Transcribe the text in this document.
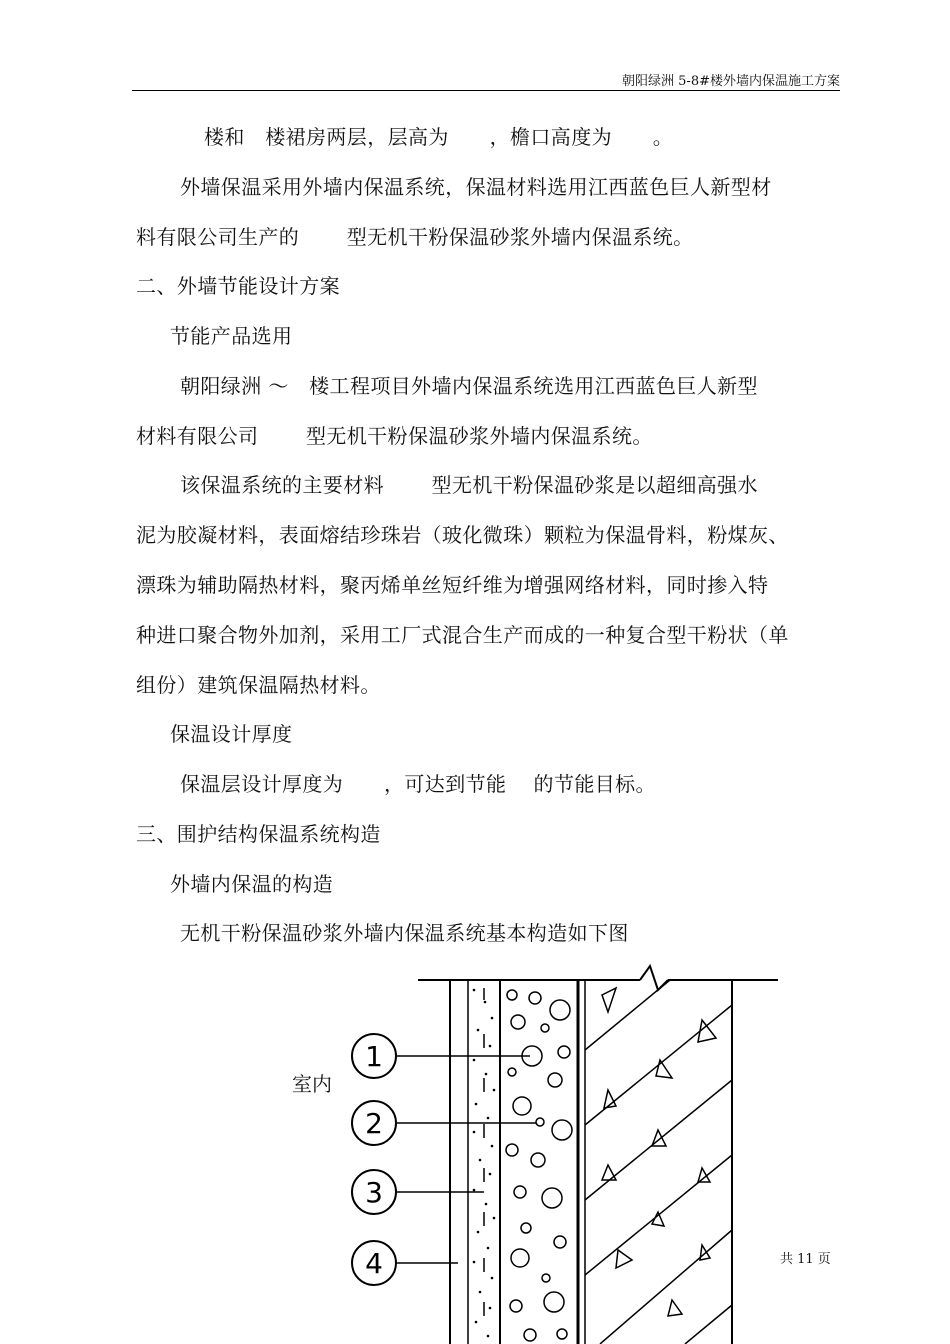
朝阳绿洲 5-8#楼外墙内保温施工方案
楼和　楼裙房两层，层高为　　，檐口高度为　　。
外墙保温采用外墙内保温系统，保温材料选用江西蓝色巨人新型材
料有限公司生产的　　 型无机干粉保温砂浆外墙内保温系统。
二、外墙节能设计方案
节能产品选用
朝阳绿洲 ～　楼工程项目外墙内保温系统选用江西蓝色巨人新型
材料有限公司　　 型无机干粉保温砂浆外墙内保温系统。
该保温系统的主要材料　　 型无机干粉保温砂浆是以超细高强水
泥为胶凝材料，表面熔结珍珠岩（玻化微珠）颗粒为保温骨料，粉煤灰、
漂珠为辅助隔热材料，聚丙烯单丝短纤维为增强网络材料，同时掺入特
种进口聚合物外加剂，采用工厂式混合生产而成的一种复合型干粉状（单
组份）建筑保温隔热材料。
保温设计厚度
保温层设计厚度为　　，可达到节能　 的节能目标。
三、围护结构保温系统构造
外墙内保温的构造
无机干粉保温砂浆外墙内保温系统基本构造如下图
室内
1
2
3
4	共 11 页
